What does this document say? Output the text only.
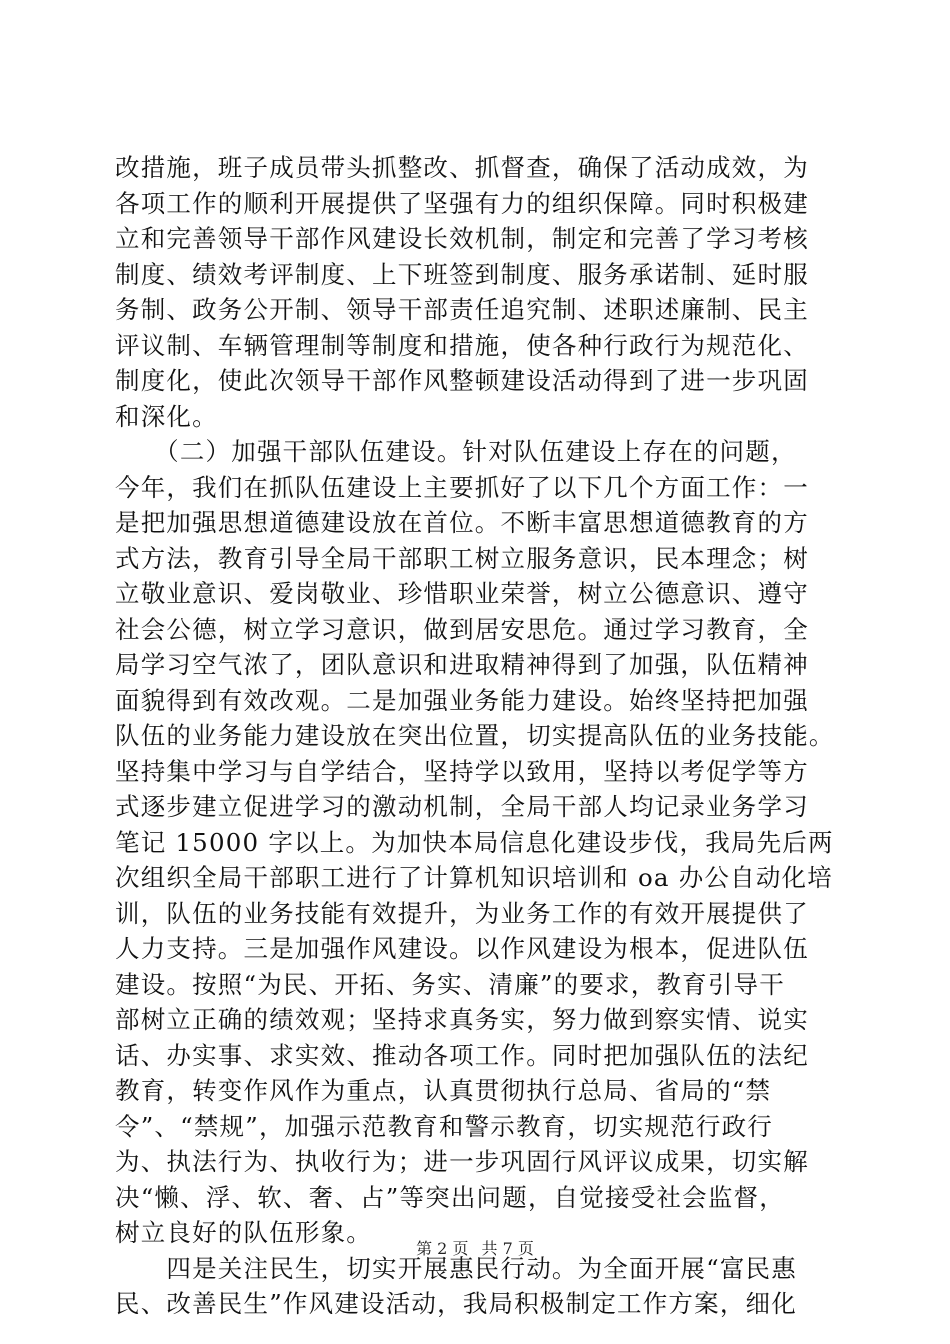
改措施，班子成员带头抓整改、抓督查，确保了活动成效，为
各项工作的顺利开展提供了坚强有力的组织保障。同时积极建
立和完善领导干部作风建设长效机制，制定和完善了学习考核
制度、绩效考评制度、上下班签到制度、服务承诺制、延时服
务制、政务公开制、领导干部责任追究制、述职述廉制、民主
评议制、车辆管理制等制度和措施，使各种行政行为规范化、
制度化，使此次领导干部作风整顿建设活动得到了进一步巩固
和深化。
　　（二）加强干部队伍建设。针对队伍建设上存在的问题，
今年，我们在抓队伍建设上主要抓好了以下几个方面工作：一
是把加强思想道德建设放在首位。不断丰富思想道德教育的方
式方法，教育引导全局干部职工树立服务意识，民本理念；树
立敬业意识、爱岗敬业、珍惜职业荣誉，树立公德意识、遵守
社会公德，树立学习意识，做到居安思危。通过学习教育，全
局学习空气浓了，团队意识和进取精神得到了加强，队伍精神
面貌得到有效改观。二是加强业务能力建设。始终坚持把加强
队伍的业务能力建设放在突出位置，切实提高队伍的业务技能。
坚持集中学习与自学结合，坚持学以致用，坚持以考促学等方
式逐步建立促进学习的激动机制，全局干部人均记录业务学习
笔记 15000 字以上。为加快本局信息化建设步伐，我局先后两
次组织全局干部职工进行了计算机知识培训和 oa 办公自动化培
训，队伍的业务技能有效提升，为业务工作的有效开展提供了
人力支持。三是加强作风建设。以作风建设为根本，促进队伍
建设。按照“为民、开拓、务实、清廉”的要求，教育引导干
部树立正确的绩效观；坚持求真务实，努力做到察实情、说实
话、办实事、求实效、推动各项工作。同时把加强队伍的法纪
教育，转变作风作为重点，认真贯彻执行总局、省局的“禁
令”、“禁规”，加强示范教育和警示教育，切实规范行政行
为、执法行为、执收行为；进一步巩固行风评议成果，切实解
决“懒、浮、软、奢、占”等突出问题，自觉接受社会监督，
树立良好的队伍形象。
　　四是关注民生，切实开展惠民行动。为全面开展“富民惠
民、改善民生”作风建设活动，我局积极制定工作方案，细化
第 2 页 共 7 页
